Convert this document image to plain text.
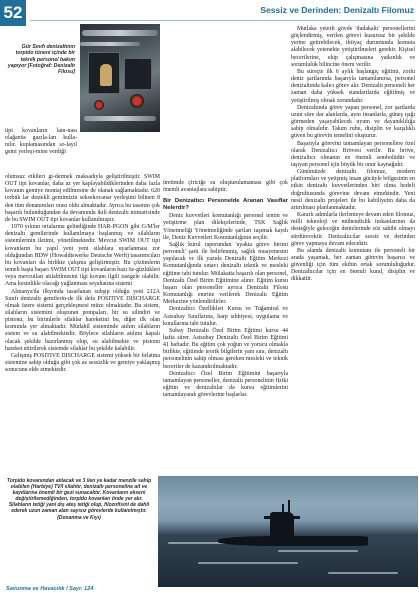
52	Sessiz ve Derinden: Denizaltı Filomuz
Gür Sınıfı denizaltının torpido tüneni içinde bir teknik personel bakım yapıyor [Fotoğraf: Denizaltı Filosu]

tipi kovanların lanı-nası olağanüs gazıla-ları kulla-nılır. kuplamasından so-layıl gemi yerleşi-mine verdiği

olumsuz etkileri gi-dermek maksadıyla geliştirilmiştir. SWIM OUT tipi kovanlar, daha az yer kaplayabildiklerinden daha fazla kovanın gemiye montaj edilmesine de olanak sağlamaktadır. 620 torbük lar destekli gemimizin seksekovanar yerleşimi bilinen 8 den tüm donanımları orası oldu almaktadır. Ayrıca bu tasarım çok başarılı bulunduğundan da devamında ikili denizaltı mimarisinde de bu SWIM OUT tipi kovanlar kullanılmıştır.

1970 yılının ortalarına gelindiğinde HAR-PGON gibi G/M'ler denizaltı gemilerinde kullanılmaya başlanmış ve silahların sistemlerinin iletimi, yönetilmektedir. Mevcut SWIM OUT tipi kovanların bu yapıl yeni yeni silahlara uyarlanması zor olduğundan HDW (Howaldtswerke Deutsche Werft) tasarımcıları bu kovanları da birlikte çalışma geliştirmiştir. Bu çözümlerin temeli başta başarı SWIM OUT tipi kovanların bazı öz-güzlükleri veya mevcutları atılabilmesini ilgi kovanı ilgili rastgele olabilir. Ama kesinlikle olacağı yağlanması seyahatına sistemi

Almanya'da ilkyonda tasarlanan subşip olduğu yeni 212A Sınıfı denizaltı gemilerin-de ilk defa POSITIVE DISCHARGE olmak üzere sistemi gerçekleşmesi müze olmaktadır. Bu sistem, silahların sistemini oluşturan pompaları, bir su silindiri ve pistonu, bu birimlerle silahlar hareketini bu, diğer ilk olan kısmında yer almaktadır. Müdahil sisteminde atılım silahların sistem ve su alabilmektedir. Böylece silahların atılımı kapalı olacak şekilde hazırlanmış olup, su alabilmekte ve pistonu hareket ettirilerek sistemde silahlar bu şekilde kalabilir.

Gelişmiş POSITIVE DISCHARGE sistemi yüksek bir fırlatma sistemine sahip olduğu gibi çok az sessizlik ve gemiye yaklaşmış sonucunu elde etmektedir.

üretimde çiriciğe su oluşturulamaması gibi çok önemli avantajlara sahiptir.

Bir Denizaltıcı Personelde Aranan Vasıflar Nelerdir?

Deniz kuvvetleri komutanlığı personel temin ve yetiştirme plan dilekçelerinde, TSK Sağlık Yönetmeliği Yönetmeliğinde şartları taşımak kaydı ile, Deniz Kuvvetleri Komutanlığının seçilir.

Sağlık kurul raporundan 'ayakta görev birimi personeli' şartı ile belirlenmiş, sağlık muayenesini yapılacak ve ilk yazıda Denizaltı Eğitim Merkezi Komutanlığında sınavı denizaltı teknik ve mesleki eğitime tabi tutulur. Mülakatta başarılı olan personel, Denizaltı Özel Birim Eğitimine alınır. Eğitim kursu başarı olan personeller ayrıca Denizaltı Filosu Komutanlığı emrine verilerek Denizaltı Eğitim Merkezine yönlendirilirler.

Denizaltıcı Özellikleri Kursu ve Tuğamiral ve Astsubay Sınıflarına, harp sıhhiyesi, uygulama ve kurallarına tabi tutulur.

Subay Denizaltı Özel Birim Eğitimi kursu 44 hafta sürer. Astsubay Denizaltı Özel Birim Eğitimi 41 haftadır. Bu eğitim çok yoğun ve yorucu olmakla birlikte, eğitimde teorik bilgilerin yanı sıra, denizaltı personelinin sahip olması gereken mesleki ve teknik beceriler de kazandırılmaktadır.

Denizaltıcı Özel Birim Eğitimini başarıyla tamamlayan personeller, denizaltı personelinin fiziki eğitim ve denizaltılar da kursu eğitimlerini tamamlayarak görevlerine başlarlar.

Mutlaka yeterli gövde 'dudakaltı' personellerini güçlendirmiş, verilen görevi kusursuz bir şekilde yerine getirebilecek, ihtiyaç durumunda komuta alabilecek yetenekte yetiştirilmeleri gerekir. Kişisel becerilerine, ekip çalışmasına yatkınlık ve sorumluluk bilincine önem verilir.

Bu süreçte ilk 6 aylık başlangıç eğitimi, zorlu deniz şartlarında başarıyla tamamlanırsa, personel denizaltında kalıcı görev alır. Denizaltı personeli her zaman daha yüksek standartlarda eğitilmiş ve yetiştirilmiş olmak zorundadır.

Denizaltında görev yapan personel, zor şartlarda uzun süre dar alanlarda, aynı insanlarla, güneş ışığı görmeden yaşayabilecek uyum ve dayanıklılığa sahip olmalıdır. Takım ruhu, disiplin ve karşılıklı güven bu görevin temelini oluşturur.

Başarıyla görevini tamamlayan personellere özel olarak Denizaltıcı Brövesi verilir. Bu bröve, denizaltıcı olmanın en önemli sembolüdür ve taşıyan personel için büyük bir onur kaynağıdır.

Günümüzde denizaltı filomuz, modern platformları ve yetişmiş insan gücüyle bölgesinin en etkin denizaltı kuvvetlerinden biri olma hedefi doğrultusunda görevine devam etmektedir. Yeni nesil denizaltı projeleri ile bu kabiliyetin daha da artırılması planlanmaktadır.

Kararlı adımlarla ilerlemeye devam eden filomuz, milli teknoloji ve mühendislik imkanlarının da desteğiyle geleceğin denizlerinde söz sahibi olmayı sürdürecektir. Denizaltıcılar sessiz ve derinden görev yapmaya devam edecektir.

Bu alanda denizaltı komutanı ile personeli bir arada yaşamak, her zaman görevin başarısı ve güvenliği için tüm ekibin ortak sorumluluğudur. Denizaltıcılar için en önemli kural, disiplin ve dikkattir.

Torpido kovanından atılacak ve 3 ilen ye kadar menzile sahip olabilen (Harbiye) TV/I silahtır, denizaltı personeline ait ve kayıtlarına önemli bir gezi sunacaktır. Kovanların ekseni değiştirilemediğinden, torpido kovanları önde yer alır. Silahların tetiği yani dış ateş tetiği olup, filozofisini de dahil ederek uzun zaman alan sayısız görevlerde kullanılmıştır. (Donanma ve Kıyı)
Savunma ve Havacılık / Sayı: 124
